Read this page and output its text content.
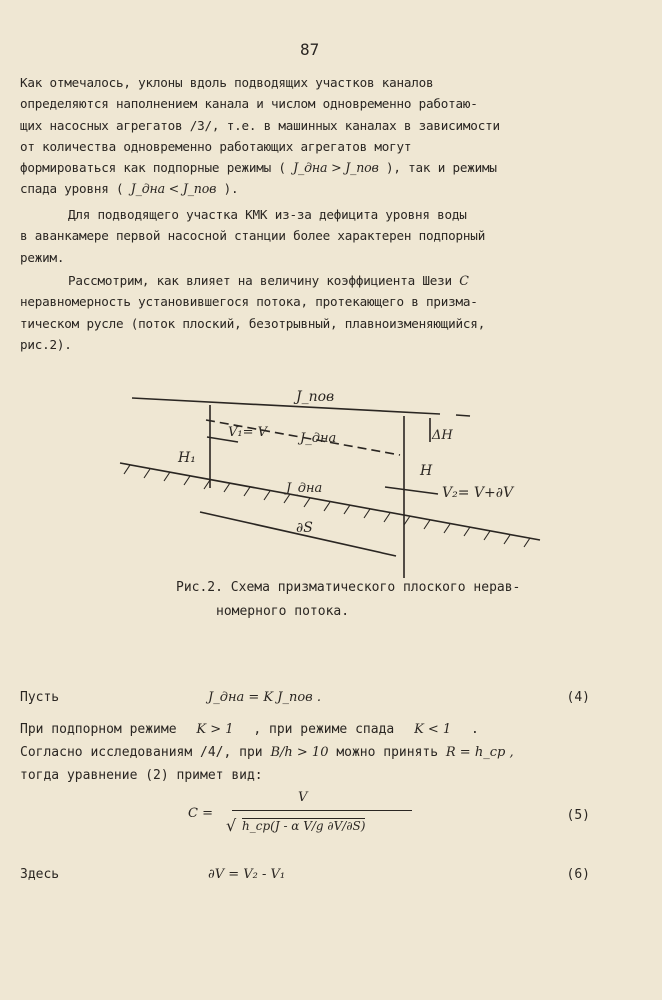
87
Как отмечалось, уклоны вдоль подводящих участков каналов
определяются наполнением канала и числом одновременно работаю-
щих насосных агрегатов /3/, т.е. в машинных каналах в зависимости
от количества одновременно работающих агрегатов могут
формироваться как подпорные режимы ( J_дна > J_пов ), так и режимы
спада уровня ( J_дна < J_пов ).
Для подводящего участка КМК из-за дефицита уровня воды
в аванкамере первой насосной станции более характерен подпорный
режим.
Рассмотрим, как влияет на величину коэффициента Шези C
неравномерность установившегося потока, протекающего в призма-
тическом русле (поток плоский, безотрывный, плавноизменяющийся,
рис.2).
J_пов
ΔH
V₁= V	J_дна
H₁
H
V₂= V+∂V
J_дна
∂S
Рис.2. Схема призматического плоского нерав-
номерного потока.
Пусть	J_дна = K J_пов .	(4)
При подпорном режиме K > 1 , при режиме спада K < 1 .
Согласно исследованиям /4/, при B/h > 10 можно принять R = h_ср ,
тогда уравнение (2) примет вид:
C =
V
√ h_ср(J - α V/g ∂V/∂S)
(5)
Здесь	∂V = V₂ - V₁	(6)
